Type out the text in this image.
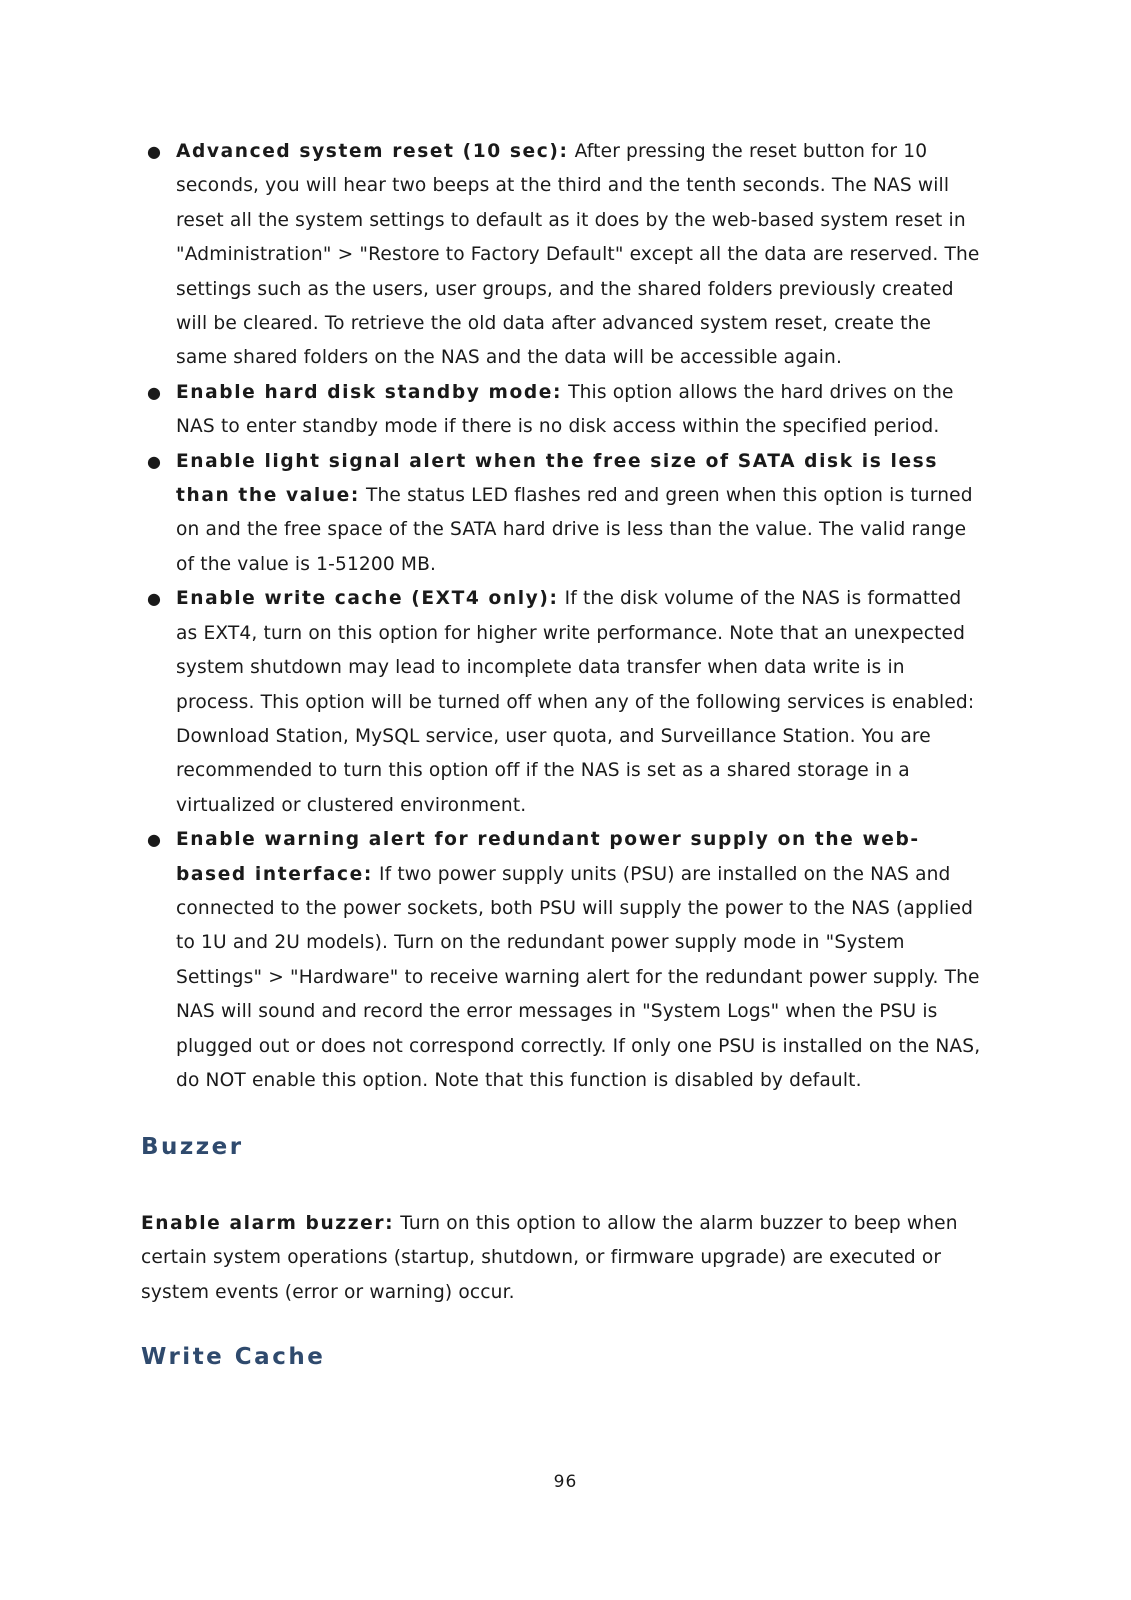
● Advanced system reset (10 sec): After pressing the reset button for 10 seconds, you will hear two beeps at the third and the tenth seconds. The NAS will reset all the system settings to default as it does by the web-based system reset in "Administration" > "Restore to Factory Default" except all the data are reserved. The settings such as the users, user groups, and the shared folders previously created will be cleared. To retrieve the old data after advanced system reset, create the same shared folders on the NAS and the data will be accessible again.
● Enable hard disk standby mode: This option allows the hard drives on the NAS to enter standby mode if there is no disk access within the specified period.
● Enable light signal alert when the free size of SATA disk is less than the value: The status LED flashes red and green when this option is turned on and the free space of the SATA hard drive is less than the value. The valid range of the value is 1-51200 MB.
● Enable write cache (EXT4 only): If the disk volume of the NAS is formatted as EXT4, turn on this option for higher write performance. Note that an unexpected system shutdown may lead to incomplete data transfer when data write is in process. This option will be turned off when any of the following services is enabled: Download Station, MySQL service, user quota, and Surveillance Station. You are recommended to turn this option off if the NAS is set as a shared storage in a virtualized or clustered environment.
● Enable warning alert for redundant power supply on the web-based interface: If two power supply units (PSU) are installed on the NAS and connected to the power sockets, both PSU will supply the power to the NAS (applied to 1U and 2U models). Turn on the redundant power supply mode in "System Settings" > "Hardware" to receive warning alert for the redundant power supply. The NAS will sound and record the error messages in "System Logs" when the PSU is plugged out or does not correspond correctly. If only one PSU is installed on the NAS, do NOT enable this option. Note that this function is disabled by default.
Buzzer

Enable alarm buzzer: Turn on this option to allow the alarm buzzer to beep when certain system operations (startup, shutdown, or firmware upgrade) are executed or system events (error or warning) occur.

Write Cache
96
